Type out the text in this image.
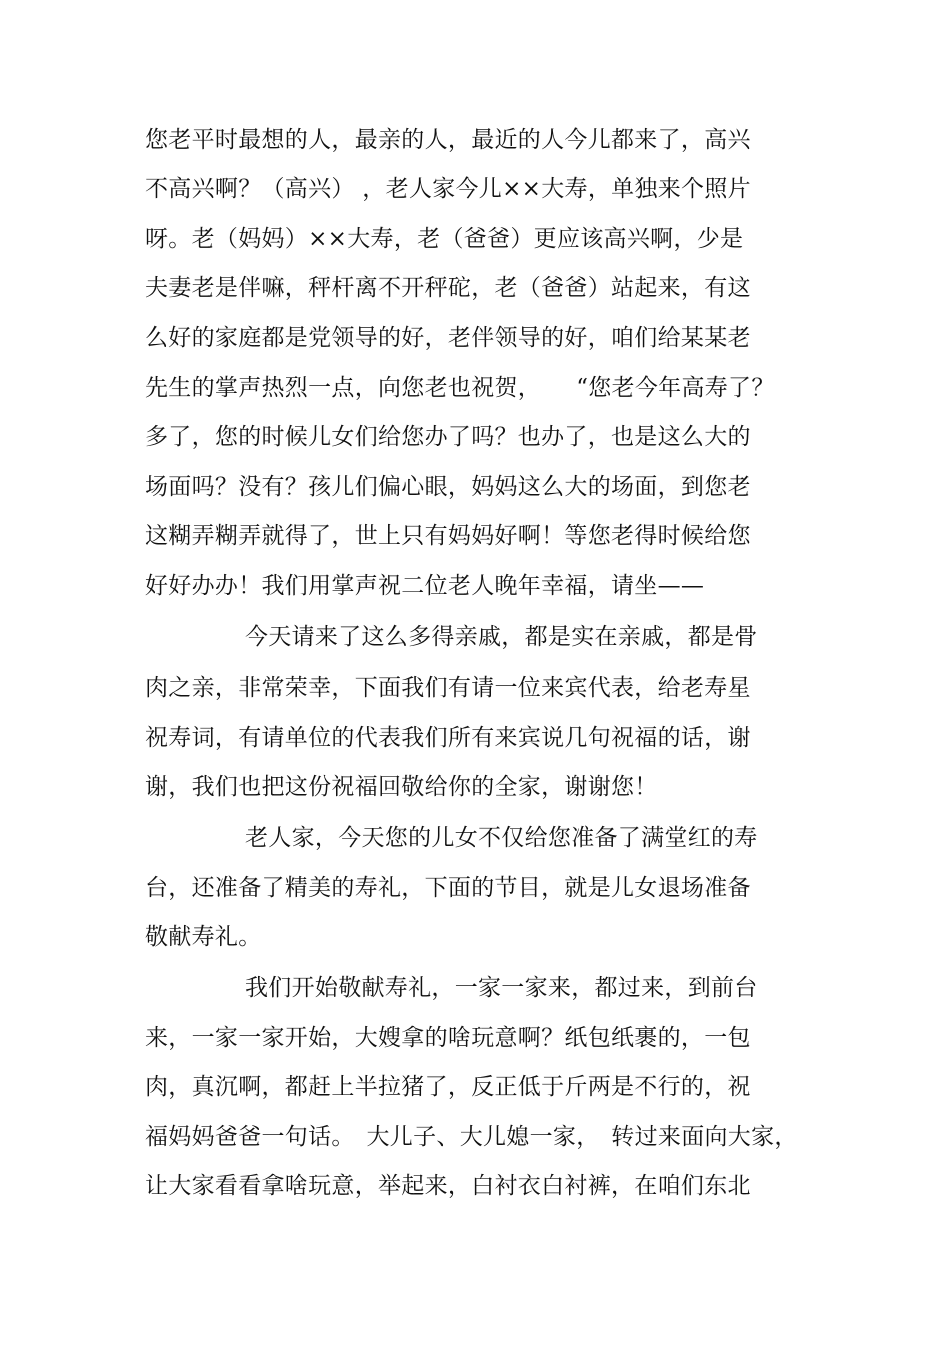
您老平时最想的人，最亲的人，最近的人今儿都来了，高兴
不高兴啊？（高兴） ，老人家今儿××大寿，单独来个照片
呀。老（妈妈）××大寿，老（爸爸）更应该高兴啊，少是
夫妻老是伴嘛，秤杆离不开秤砣，老（爸爸）站起来，有这
么好的家庭都是党领导的好，老伴领导的好，咱们给某某老
先生的掌声热烈一点，向您老也祝贺，　　“您老今年高寿了？
多了，您的时候儿女们给您办了吗？也办了，也是这么大的
场面吗？没有？孩儿们偏心眼，妈妈这么大的场面，到您老
这糊弄糊弄就得了，世上只有妈妈好啊！等您老得时候给您
好好办办！我们用掌声祝二位老人晚年幸福，请坐——
今天请来了这么多得亲戚，都是实在亲戚，都是骨
肉之亲，非常荣幸，下面我们有请一位来宾代表，给老寿星
祝寿词，有请单位的代表我们所有来宾说几句祝福的话，谢
谢，我们也把这份祝福回敬给你的全家，谢谢您！
老人家，今天您的儿女不仅给您准备了满堂红的寿
台，还准备了精美的寿礼，下面的节目，就是儿女退场准备
敬献寿礼。
我们开始敬献寿礼，一家一家来，都过来，到前台
来，一家一家开始，大嫂拿的啥玩意啊？纸包纸裹的，一包
肉，真沉啊，都赶上半拉猪了，反正低于斤两是不行的，祝
福妈妈爸爸一句话。　大儿子、大儿媳一家，　转过来面向大家，
让大家看看拿啥玩意，举起来，白衬衣白衬裤，在咱们东北
